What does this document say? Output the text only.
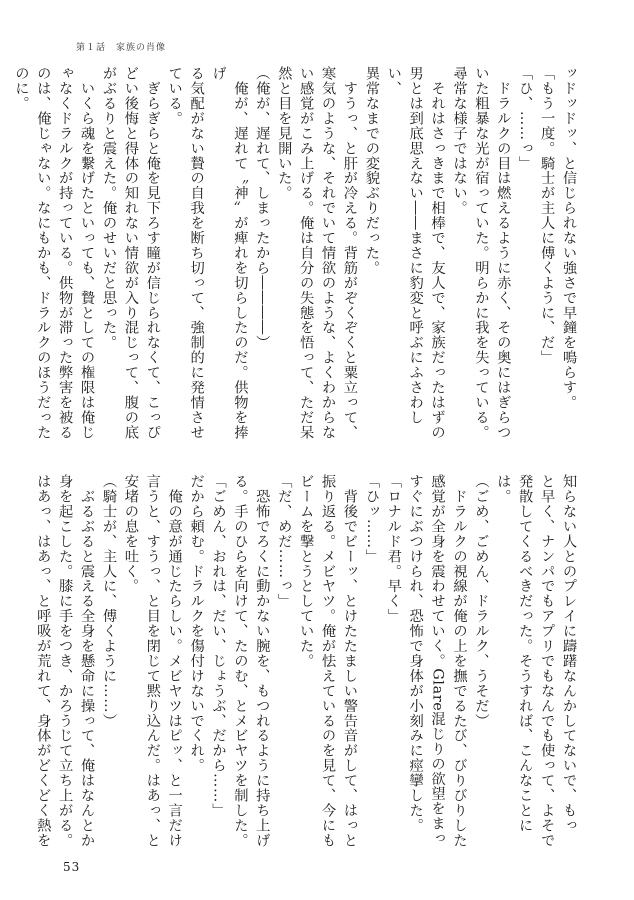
第１話　家族の肖像

ッドッドッ、と信じられない強さで早鐘を鳴らす。

「もう一度。騎士が主人に傅くように、だ」

「ひ、……っ」

　ドラルクの目は燃えるように赤く、その奥にはぎらつ

いた粗暴な光が宿っていた。明らかに我を失っている。

尋常な様子ではない。

　それはさっきまで相棒で、友人で、家族だったはずの

男とは到底思えない――まさに豹変と呼ぶにふさわしい、

異常なまでの変貌ぶりだった。

　すうっ、と肝が冷える。背筋がぞくぞくと粟立って、

寒気のような、それでいて情欲のような、よくわからな

い感覚がこみ上げる。俺は自分の失態を悟って、ただ呆

然と目を見開いた。

（俺が、遅れて、しまったから――――）

　俺が、遅れて〝神〟が痺れを切らしたのだ。供物を捧げ

る気配がない贄の自我を断ち切って、強制的に発情させ

ている。

　ぎらぎらと俺を見下ろす瞳が信じられなくて、こっぴ

どい後悔と得体の知れない情欲が入り混じって、腹の底

がぶるりと震えた。俺のせいだと思った。

　いくら魂を繋げたといっても、贄としての権限は俺じ

ゃなくドラルクが持っている。供物が滞った弊害を被る

のは、俺じゃない。なにもかも、ドラルクのほうだった

のに。

知らない人とのプレイに躊躇なんかしてないで、もっ

と早く、ナンパでもアプリでもなんでも使って、よそで

発散してくるべきだった。そうすれば、こんなことには。

（ごめ、ごめん、ドラルク、うそだ）

　ドラルクの視線が俺の上を撫でるたび、びりびりした

感覚が全身を震わせていく。Glare混じりの欲望をまっ

すぐにぶつけられ、恐怖で身体が小刻みに痙攣した。

「ロナルド君。早く」

「ひッ……」

　背後でビーッ、とけたたましい警告音がして、はっと

振り返る。メビヤツ。俺が怯えているのを見て、今にも

ビームを撃とうとしていた。

「だ、めだ……っ」

　恐怖でろくに動かない腕を、もつれるように持ち上げ

る。手のひらを向けて、たのむ、とメビヤツを制した。

「ごめん、おれは、だい、じょうぶ、だから……」

だから頼む。ドラルクを傷付けないでくれ。

　俺の意が通じたらしい。メビヤツはピッ、と一言だけ

言うと、すうっ、と目を閉じて黙り込んだ。はあっ、と

安堵の息を吐く。

（騎士が、主人に、傅くように……）

　ぶるぶると震える全身を懸命に操って、俺はなんとか

身を起こした。膝に手をつき、かろうじて立ち上がる。

はあっ、はあっ、と呼吸が荒れて、身体がどくどく熱を

53
